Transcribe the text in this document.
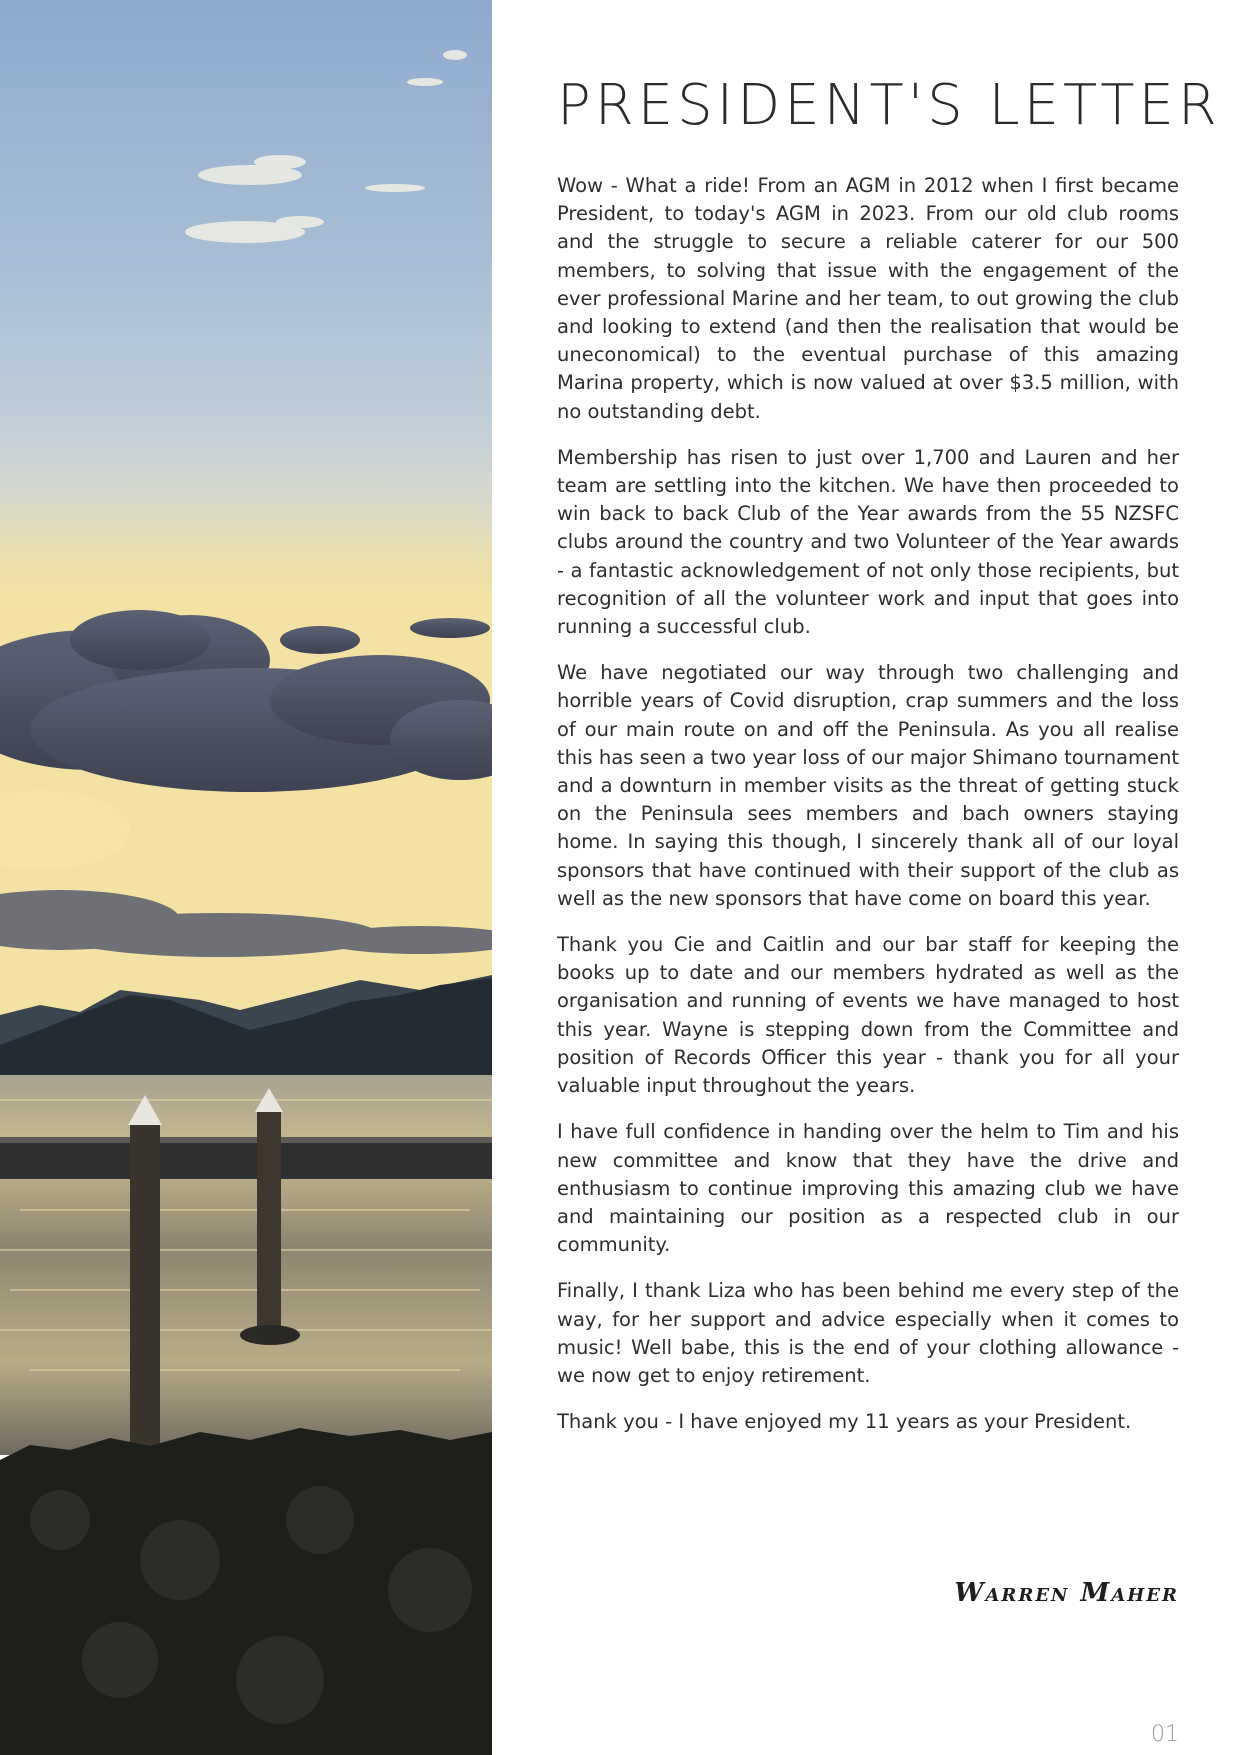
PRESIDENT'S LETTER

Wow - What a ride! From an AGM in 2012 when I first became President, to today's AGM in 2023. From our old club rooms and the struggle to secure a reliable caterer for our 500 members, to solving that issue with the engagement of the ever professional Marine and her team, to out growing the club and looking to extend (and then the realisation that would be uneconomical) to the eventual purchase of this amazing Marina property, which is now valued at over $3.5 million, with no outstanding debt.

Membership has risen to just over 1,700 and Lauren and her team are settling into the kitchen. We have then proceeded to win back to back Club of the Year awards from the 55 NZSFC clubs around the country and two Volunteer of the Year awards - a fantastic acknowledgement of not only those recipients, but recognition of all the volunteer work and input that goes into running a successful club.

We have negotiated our way through two challenging and horrible years of Covid disruption, crap summers and the loss of our main route on and off the Peninsula. As you all realise this has seen a two year loss of our major Shimano tournament and a downturn in member visits as the threat of getting stuck on the Peninsula sees members and bach owners staying home. In saying this though, I sincerely thank all of our loyal sponsors that have continued with their support of the club as well as the new sponsors that have come on board this year.

Thank you Cie and Caitlin and our bar staff for keeping the books up to date and our members hydrated as well as the organisation and running of events we have managed to host this year. Wayne is stepping down from the Committee and position of Records Officer this year - thank you for all your valuable input throughout the years.

I have full confidence in handing over the helm to Tim and his new committee and know that they have the drive and enthusiasm to continue improving this amazing club we have and maintaining our position as a respected club in our community.

Finally, I thank Liza who has been behind me every step of the way, for her support and advice especially when it comes to music! Well babe, this is the end of your clothing allowance - we now get to enjoy retirement.

Thank you - I have enjoyed my 11 years as your President.

Warren Maher
01
